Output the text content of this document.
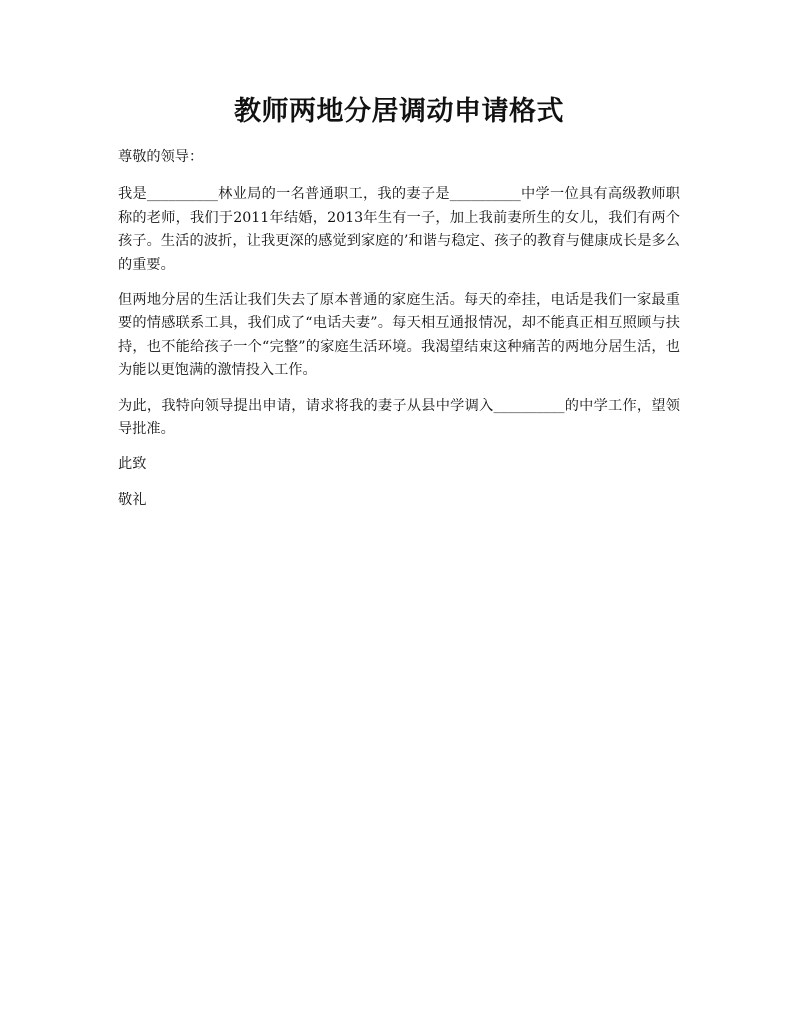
教师两地分居调动申请格式

尊敬的领导：

我是__________林业局的一名普通职工，我的妻子是__________中学一位具有高级教师职称的老师，我们于2011年结婚，2013年生有一子，加上我前妻所生的女儿，我们有两个孩子。生活的波折，让我更深的感觉到家庭的’和谐与稳定、孩子的教育与健康成长是多么的重要。

但两地分居的生活让我们失去了原本普通的家庭生活。每天的牵挂，电话是我们一家最重要的情感联系工具，我们成了“电话夫妻”。每天相互通报情况，却不能真正相互照顾与扶持，也不能给孩子一个“完整”的家庭生活环境。我渴望结束这种痛苦的两地分居生活，也为能以更饱满的激情投入工作。

为此，我特向领导提出申请，请求将我的妻子从县中学调入__________的中学工作，望领导批准。

此致

敬礼
